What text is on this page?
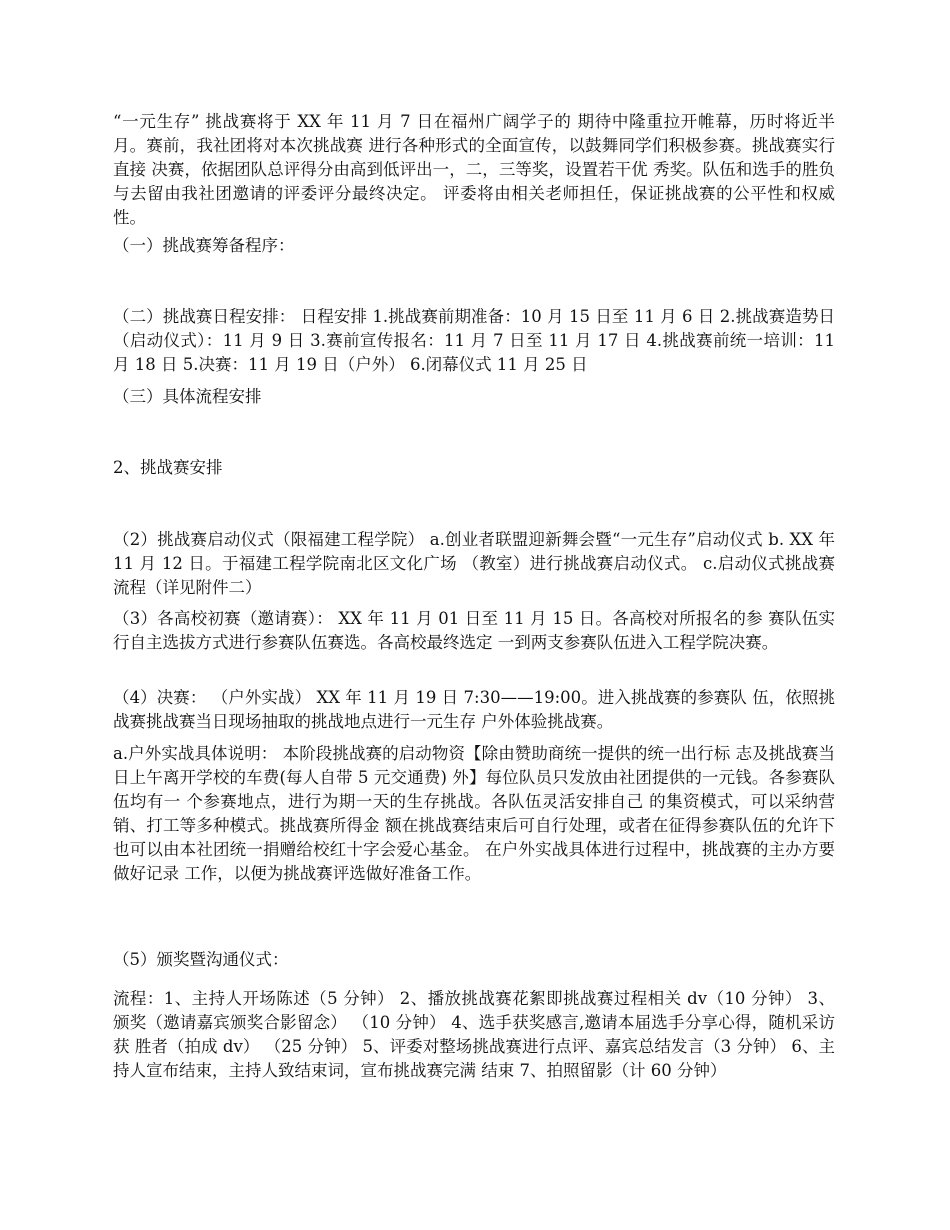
“一元生存” 挑战赛将于 XX 年 11 月 7 日在福州广阔学子的 期待中隆重拉开帷幕，历时将近半月。赛前，我社团将对本次挑战赛 进行各种形式的全面宣传，以鼓舞同学们积极参赛。挑战赛实行直接 决赛，依据团队总评得分由高到低评出一，二，三等奖，设置若干优 秀奖。队伍和选手的胜负与去留由我社团邀请的评委评分最终决定。 评委将由相关老师担任，保证挑战赛的公平性和权威性。

（一）挑战赛筹备程序：

（二）挑战赛日程安排： 日程安排 1.挑战赛前期准备：10 月 15 日至 11 月 6 日 2.挑战赛造势日（启动仪式）：11 月 9 日 3.赛前宣传报名：11 月 7 日至 11 月 17 日 4.挑战赛前统一培训：11 月 18 日 5.决赛：11 月 19 日（户外） 6.闭幕仪式 11 月 25 日

（三）具体流程安排

2、挑战赛安排

（2）挑战赛启动仪式（限福建工程学院） a.创业者联盟迎新舞会暨“一元生存”启动仪式 b. XX 年 11 月 12 日。于福建工程学院南北区文化广场 （教室）进行挑战赛启动仪式。 c.启动仪式挑战赛流程（详见附件二）

（3）各高校初赛（邀请赛）： XX 年 11 月 01 日至 11 月 15 日。各高校对所报名的参 赛队伍实行自主选拔方式进行参赛队伍赛选。各高校最终选定 一到两支参赛队伍进入工程学院决赛。

（4）决赛： （户外实战） XX 年 11 月 19 日 7:30——19:00。进入挑战赛的参赛队 伍，依照挑战赛挑战赛当日现场抽取的挑战地点进行一元生存 户外体验挑战赛。

a.户外实战具体说明： 本阶段挑战赛的启动物资【除由赞助商统一提供的统一出行标 志及挑战赛当日上午离开学校的车费(每人自带 5 元交通费) 外】每位队员只发放由社团提供的一元钱。各参赛队伍均有一 个参赛地点，进行为期一天的生存挑战。各队伍灵活安排自己 的集资模式，可以采纳营销、打工等多种模式。挑战赛所得金 额在挑战赛结束后可自行处理，或者在征得参赛队伍的允许下 也可以由本社团统一捐赠给校红十字会爱心基金。 在户外实战具体进行过程中，挑战赛的主办方要做好记录 工作，以便为挑战赛评选做好准备工作。

（5）颁奖暨沟通仪式：

流程：1、主持人开场陈述（5 分钟） 2、播放挑战赛花絮即挑战赛过程相关 dv（10 分钟） 3、 颁奖（邀请嘉宾颁奖合影留念） （10 分钟） 4、选手获奖感言,邀请本届选手分享心得，随机采访获 胜者（拍成 dv） （25 分钟） 5、评委对整场挑战赛进行点评、嘉宾总结发言（3 分钟） 6、主持人宣布结束，主持人致结束词，宣布挑战赛完满 结束 7、拍照留影（计 60 分钟）
